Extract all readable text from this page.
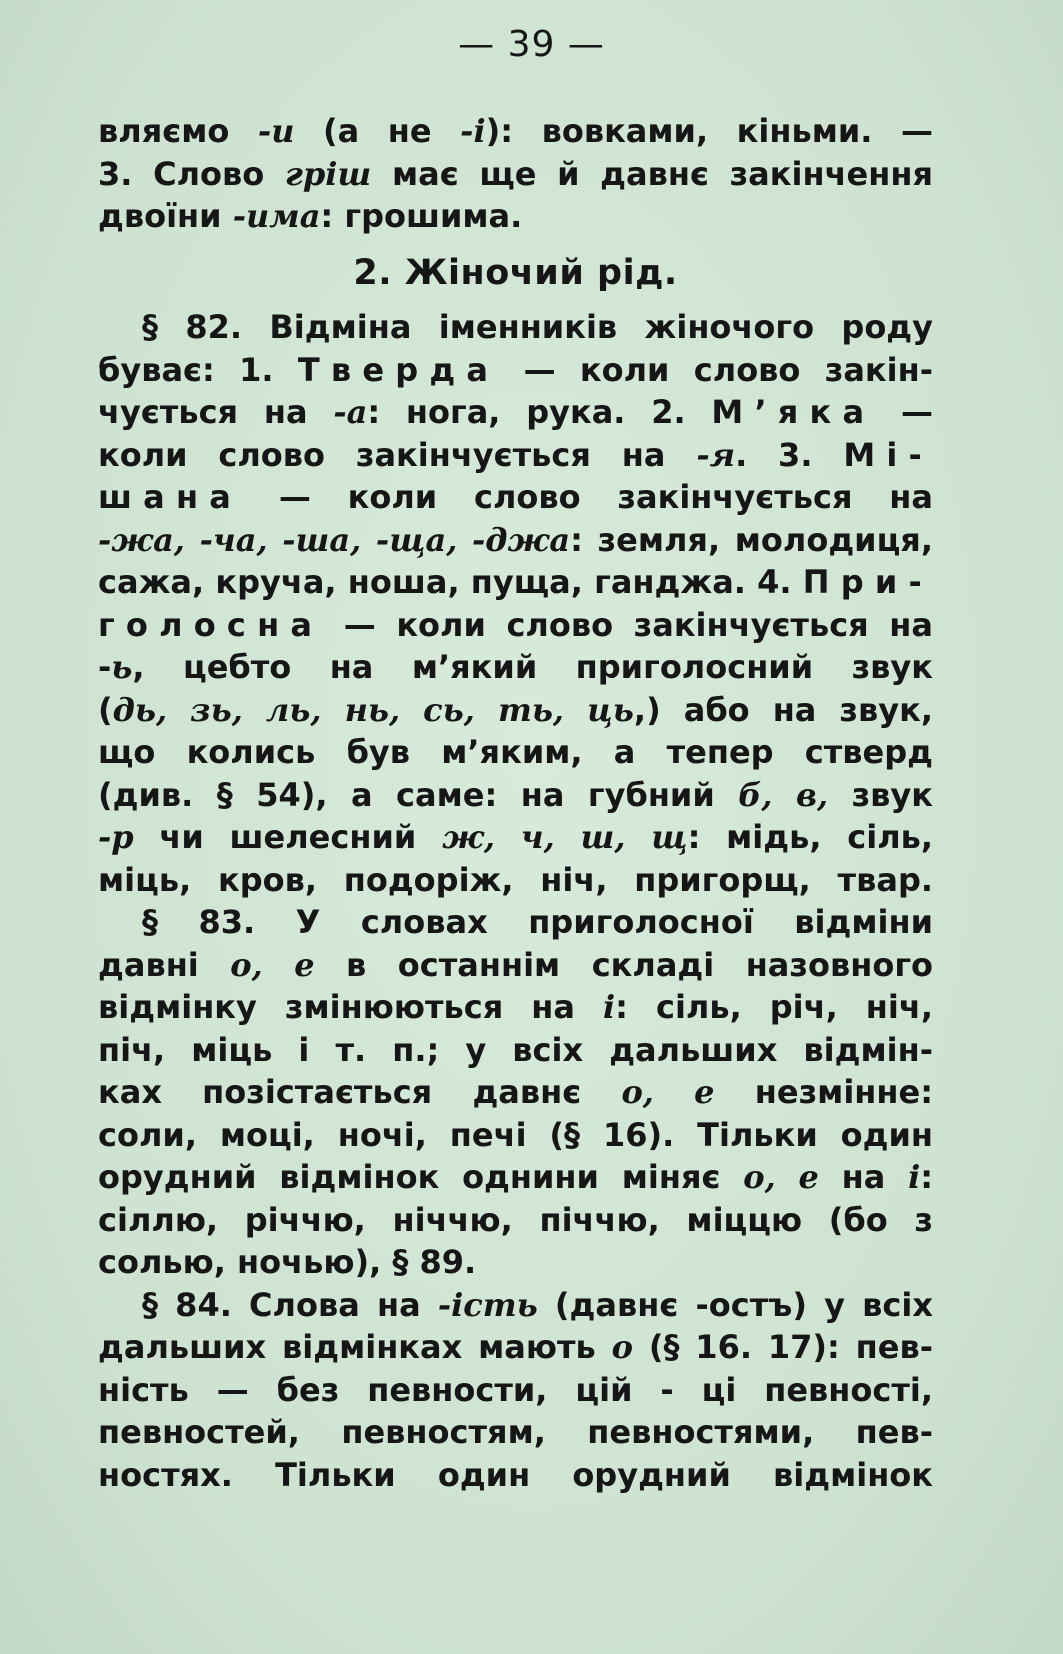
— 39 —
вляємо -и (а не -і): вовками, кіньми. —
3. Слово гріш має ще й давнє закінчення
двоїни -има: грошима.
2. Жіночий рід.
§ 82. Відміна іменників жіночого роду
буває: 1. Тверда — коли слово закін-
чується на -а: нога, рука. 2. М’яка —
коли слово закінчується на -я. 3. Мі-
шана — коли слово закінчується на
-жа, -ча, -ша, -ща, -джа: земля, молодиця,
сажа, круча, ноша, пуща, ганджа. 4. При-
голосна — коли слово закінчується на
-ь, цебто на м’який приголосний звук
(дь, зь, ль, нь, сь, ть, ць,) або на звук,
що колись був м’яким, а тепер стверд
(див. § 54), а саме: на губний б, в, звук
-р чи шелесний ж, ч, ш, щ: мідь, сіль,
міць, кров, подоріж, ніч, пригорщ, твар.
§ 83. У словах приголосної відміни
давні о, е в останнім складі назовного
відмінку змінюються на і: сіль, річ, ніч,
піч, міць і т. п.; у всіх дальших відмін-
ках позістається давнє о, е незмінне:
соли, моці, ночі, печі (§ 16). Тільки один
орудний відмінок однини міняє о, е на і:
сіллю, річчю, ніччю, піччю, міццю (бо з
солью, ночью), § 89.
§ 84. Слова на -ість (давнє -остъ) у всіх
дальших відмінках мають о (§ 16. 17): пев-
ність — без певности, цій - ці певності,
певностей, певностям, певностями, пев-
ностях. Тільки один орудний відмінок
